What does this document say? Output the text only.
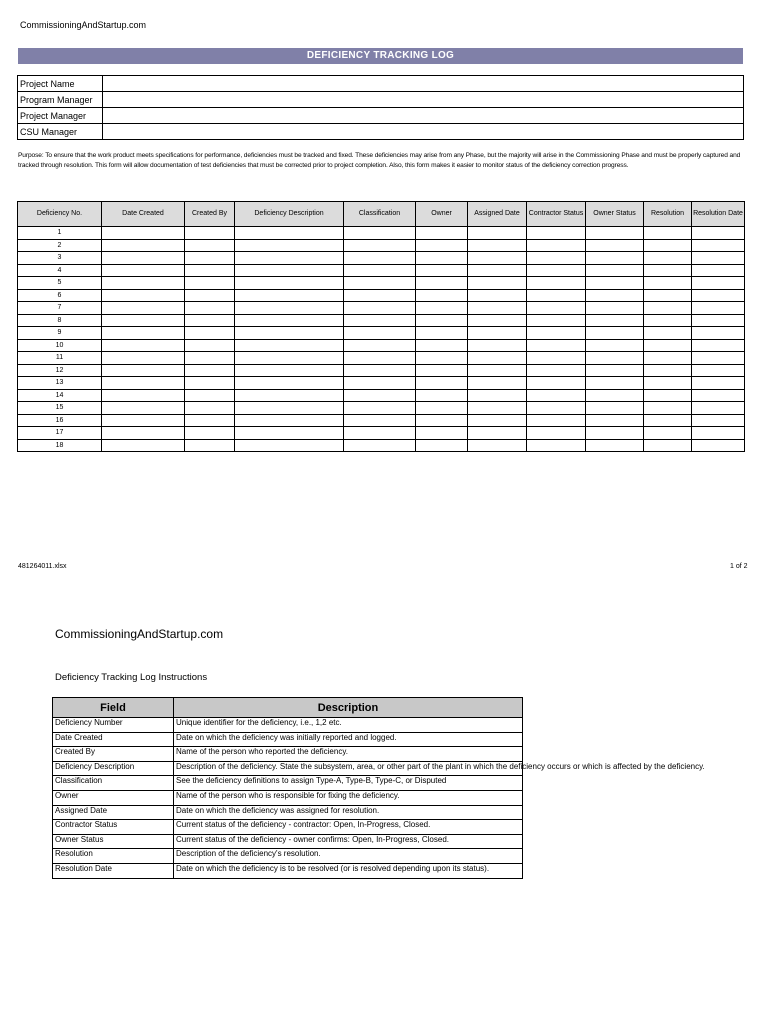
CommissioningAndStartup.com
DEFICIENCY TRACKING LOG
Project Name	
Program Manager	
Project Manager	
CSU Manager	
Purpose: To ensure that the work product meets specifications for performance, deficiencies must be tracked and fixed. These deficiencies may arise from any Phase, but the majority will arise in the Commissioning Phase and must be properly captured and tracked through resolution. This form will allow documentation of test deficiencies that must be corrected prior to project completion. Also, this form makes it easier to monitor status of the deficiency correction progress.
Deficiency No.	Date Created	Created By	Deficiency Description	Classification	Owner	Assigned Date	Contractor Status	Owner Status	Resolution	Resolution Date
1										
2										
3										
4										
5										
6										
7										
8										
9										
10										
11										
12										
13										
14										
15										
16										
17										
18										
481264011.xlsx	1 of 2
CommissioningAndStartup.com
Deficiency Tracking Log Instructions
Field	Description
Deficiency Number	Unique identifier for the deficiency, i.e., 1,2 etc.
Date Created	Date on which the deficiency was initially reported and logged.
Created By	Name of the person who reported the deficiency.
Deficiency Description	Description of the deficiency. State the subsystem, area, or other part of the plant in which the deficiency occurs or which is affected by the deficiency.
Classification	See the deficiency definitions to assign Type-A, Type-B, Type-C, or Disputed
Owner	Name of the person who is responsible for fixing the deficiency.
Assigned Date	Date on which the deficiency was assigned for resolution.
Contractor Status	Current status of the deficiency - contractor: Open, In-Progress, Closed.
Owner Status	Current status of the deficiency - owner confirms: Open, In-Progress, Closed.
Resolution	Description of the deficiency's resolution.
Resolution Date	Date on which the deficiency is to be resolved (or is resolved depending upon its status).
